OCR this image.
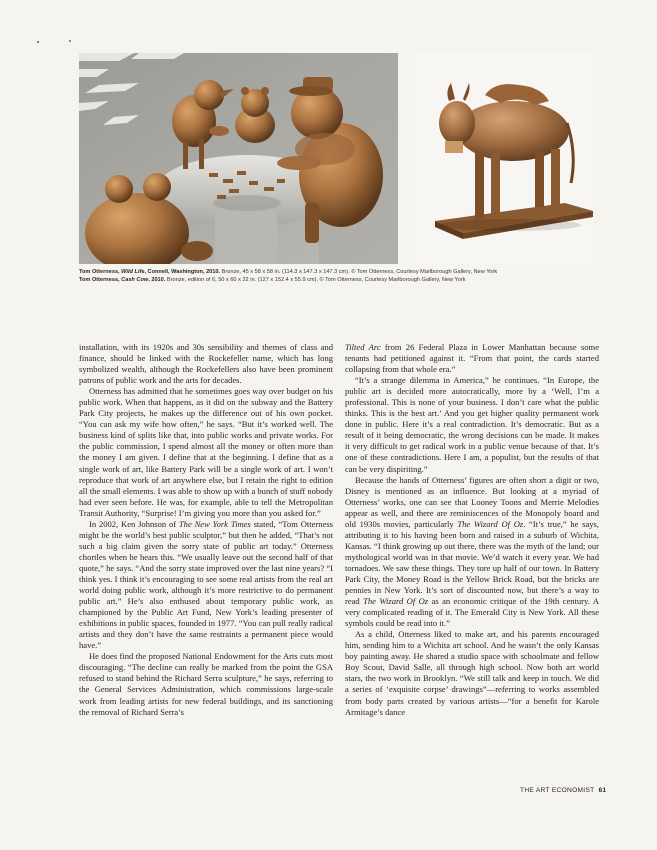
Tom Otterness, Wild Life, Connell, Washington, 2010. Bronze, 45 x 58 x 58 in. (114.3 x 147.3 x 147.3 cm). © Tom Otterness, Courtesy Marlborough Gallery, New York

Tom Otterness, Cash Cow, 2010. Bronze, edition of 6, 50 x 60 x 22 in. (127 x 152.4 x 55.9 cm). © Tom Otterness, Courtesy Marlborough Gallery, New York

installation, with its 1920s and 30s sensibility and themes of class and finance, should be linked with the Rockefeller name, which has long symbolized wealth, although the Rockefellers also have been prominent patrons of public work and the arts for decades.

Otterness has admitted that he sometimes goes way over budget on his public work. When that happens, as it did on the subway and the Battery Park City projects, he makes up the difference out of his own pocket. “You can ask my wife how often,” he says. “But it’s worked well. The business kind of splits like that, into public works and private works. For the public commission, I spend almost all the money or often more than the money I am given. I define that at the beginning. I define that as a single work of art, like Battery Park will be a single work of art. I won’t reproduce that work of art anywhere else, but I retain the right to edition all the small elements. I was able to show up with a bunch of stuff nobody had ever seen before. He was, for example, able to tell the Metropolitan Transit Authority, “Surprise! I’m giving you more than you asked for.”

In 2002, Ken Johnson of The New York Times stated, “Tom Otterness might be the world’s best public sculptor,” but then he added, “That’s not such a big claim given the sorry state of public art today.” Otterness chortles when he hears this. “We usually leave out the second half of that quote,” he says. “And the sorry state improved over the last nine years? “I think yes. I think it’s encouraging to see some real artists from the real art world doing public work, although it’s more restrictive to do permanent public art.” He’s also enthused about temporary public work, as championed by the Public Art Fund, New York’s leading presenter of exhibitions in public spaces, founded in 1977. “You can pull really radical artists and they don’t have the same restraints a permanent piece would have.”

He does find the proposed National Endowment for the Arts cuts most discouraging. “The decline can really be marked from the point the GSA refused to stand behind the Richard Serra sculpture,” he says, referring to the General Services Administration, which commissions large-scale work from leading artists for new federal buildings, and its sanctioning the removal of Richard Serra’s

Tilted Arc from 26 Federal Plaza in Lower Manhattan because some tenants had petitioned against it. “From that point, the cards started collapsing from that whole era.”

“It’s a strange dilemma in America,” he continues. “In Europe, the public art is decided more autocratically, more by a ‘Well, I’m a professional. This is none of your business. I don’t care what the public thinks. This is the best art.’ And you get higher quality permanent work done in public. Here it’s a real contradiction. It’s democratic. But as a result of it being democratic, the wrong decisions can be made. It makes it very difficult to get radical work in a public venue because of that. It’s one of these contradictions. Here I am, a populist, but the results of that can be very dispiriting.”

Because the hands of Otterness’ figures are often short a digit or two, Disney is mentioned as an influence. But looking at a myriad of Otterness’ works, one can see that Looney Toons and Merrie Melodies appear as well, and there are reminiscences of the Monopoly board and old 1930s movies, particularly The Wizard Of Oz. “It’s true,” he says, attributing it to his having been born and raised in a suburb of Wichita, Kansas. “I think growing up out there, there was the myth of the land; our mythological world was in that movie. We’d watch it every year. We had tornadoes. We saw these things. They tore up half of our town. In Battery Park City, the Money Road is the Yellow Brick Road, but the bricks are pennies in New York. It’s sort of discounted now, but there’s a way to read The Wizard Of Oz as an economic critique of the 19th century. A very complicated reading of it. The Emerald City is New York. All these symbols could be read into it.”

As a child, Otterness liked to make art, and his parents encouraged him, sending him to a Wichita art school. And he wasn’t the only Kansas boy painting away. He shared a studio space with schoolmate and fellow Boy Scout, David Salle, all through high school. Now both art world stars, the two work in Brooklyn. “We still talk and keep in touch. We did a series of ‘exquisite corpse’ drawings”—referring to works assembled from body parts created by various artists—“for a benefit for Karole Armitage’s dance

THE ART ECONOMIST 61
